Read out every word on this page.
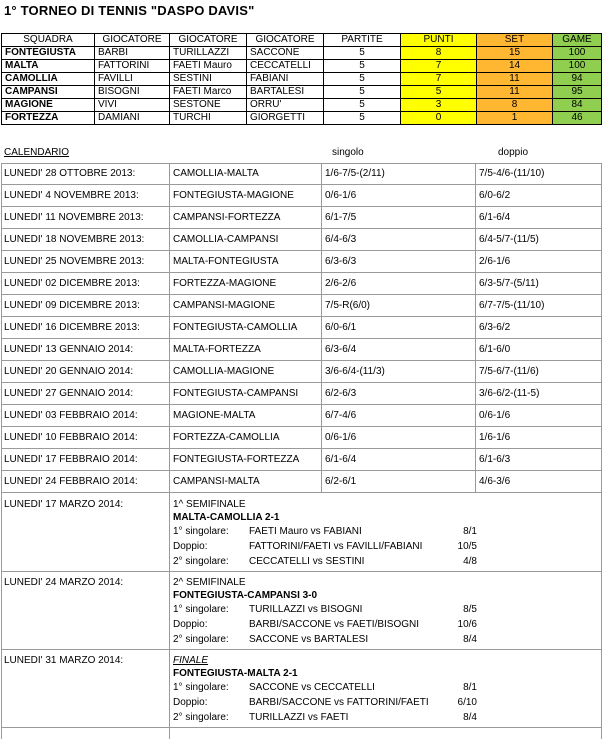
1° TORNEO DI TENNIS "DASPO DAVIS"
SQUADRA	GIOCATORE	GIOCATORE	GIOCATORE	PARTITE	PUNTI	SET	GAME
FONTEGIUSTA	BARBI	TURILLAZZI	SACCONE	5	8	15	100
MALTA	FATTORINI	FAETI Mauro	CECCATELLI	5	7	14	100
CAMOLLIA	FAVILLI	SESTINI	FABIANI	5	7	11	94
CAMPANSI	BISOGNI	FAETI Marco	BARTALESI	5	5	11	95
MAGIONE	VIVI	SESTONE	ORRU'	5	3	8	84
FORTEZZA	DAMIANI	TURCHI	GIORGETTI	5	0	1	46
CALENDARIO	singolo	doppio
LUNEDI' 28 OTTOBRE 2013:	CAMOLLIA-MALTA	1/6-7/5-(2/11)	7/5-4/6-(11/10)
LUNEDI' 4 NOVEMBRE 2013:	FONTEGIUSTA-MAGIONE	0/6-1/6	6/0-6/2
LUNEDI' 11 NOVEMBRE 2013:	CAMPANSI-FORTEZZA	6/1-7/5	6/1-6/4
LUNEDI' 18 NOVEMBRE 2013:	CAMOLLIA-CAMPANSI	6/4-6/3	6/4-5/7-(11/5)
LUNEDI' 25 NOVEMBRE 2013:	MALTA-FONTEGIUSTA	6/3-6/3	2/6-1/6
LUNEDI' 02 DICEMBRE 2013:	FORTEZZA-MAGIONE	2/6-2/6	6/3-5/7-(5/11)
LUNEDI' 09 DICEMBRE 2013:	CAMPANSI-MAGIONE	7/5-R(6/0)	6/7-7/5-(11/10)
LUNEDI' 16 DICEMBRE 2013:	FONTEGIUSTA-CAMOLLIA	6/0-6/1	6/3-6/2
LUNEDI' 13 GENNAIO 2014:	MALTA-FORTEZZA	6/3-6/4	6/1-6/0
LUNEDI' 20 GENNAIO 2014:	CAMOLLIA-MAGIONE	3/6-6/4-(11/3)	7/5-6/7-(11/6)
LUNEDI' 27 GENNAIO 2014:	FONTEGIUSTA-CAMPANSI	6/2-6/3	3/6-6/2-(11-5)
LUNEDI' 03 FEBBRAIO 2014:	MAGIONE-MALTA	6/7-4/6	0/6-1/6
LUNEDI' 10 FEBBRAIO 2014:	FORTEZZA-CAMOLLIA	0/6-1/6	1/6-1/6
LUNEDI' 17 FEBBRAIO 2014:	FONTEGIUSTA-FORTEZZA	6/1-6/4	6/1-6/3
LUNEDI' 24 FEBBRAIO 2014:	CAMPANSI-MALTA	6/2-6/1	4/6-3/6
LUNEDI' 17 MARZO 2014:	1^ SEMIFINALE
MALTA-CAMOLLIA 2-1
1° singolare: FAETI Mauro vs FABIANI	8/1
Doppio:	FATTORINI/FAETI vs FAVILLI/FABIANI	10/5
2° singolare: CECCATELLI vs SESTINI	4/8
LUNEDI' 24 MARZO 2014:	2^ SEMIFINALE
FONTEGIUSTA-CAMPANSI 3-0
1° singolare: TURILLAZZI vs BISOGNI	8/5
Doppio:	BARBI/SACCONE vs FAETI/BISOGNI	10/6
2° singolare: SACCONE vs BARTALESI	8/4
LUNEDI' 31 MARZO 2014:	FINALE
FONTEGIUSTA-MALTA 2-1
1° singolare: SACCONE vs CECCATELLI	8/1
Doppio:	BARBI/SACCONE vs FATTORINI/FAETI	6/10
2° singolare: TURILLAZZI vs FAETI	8/4
